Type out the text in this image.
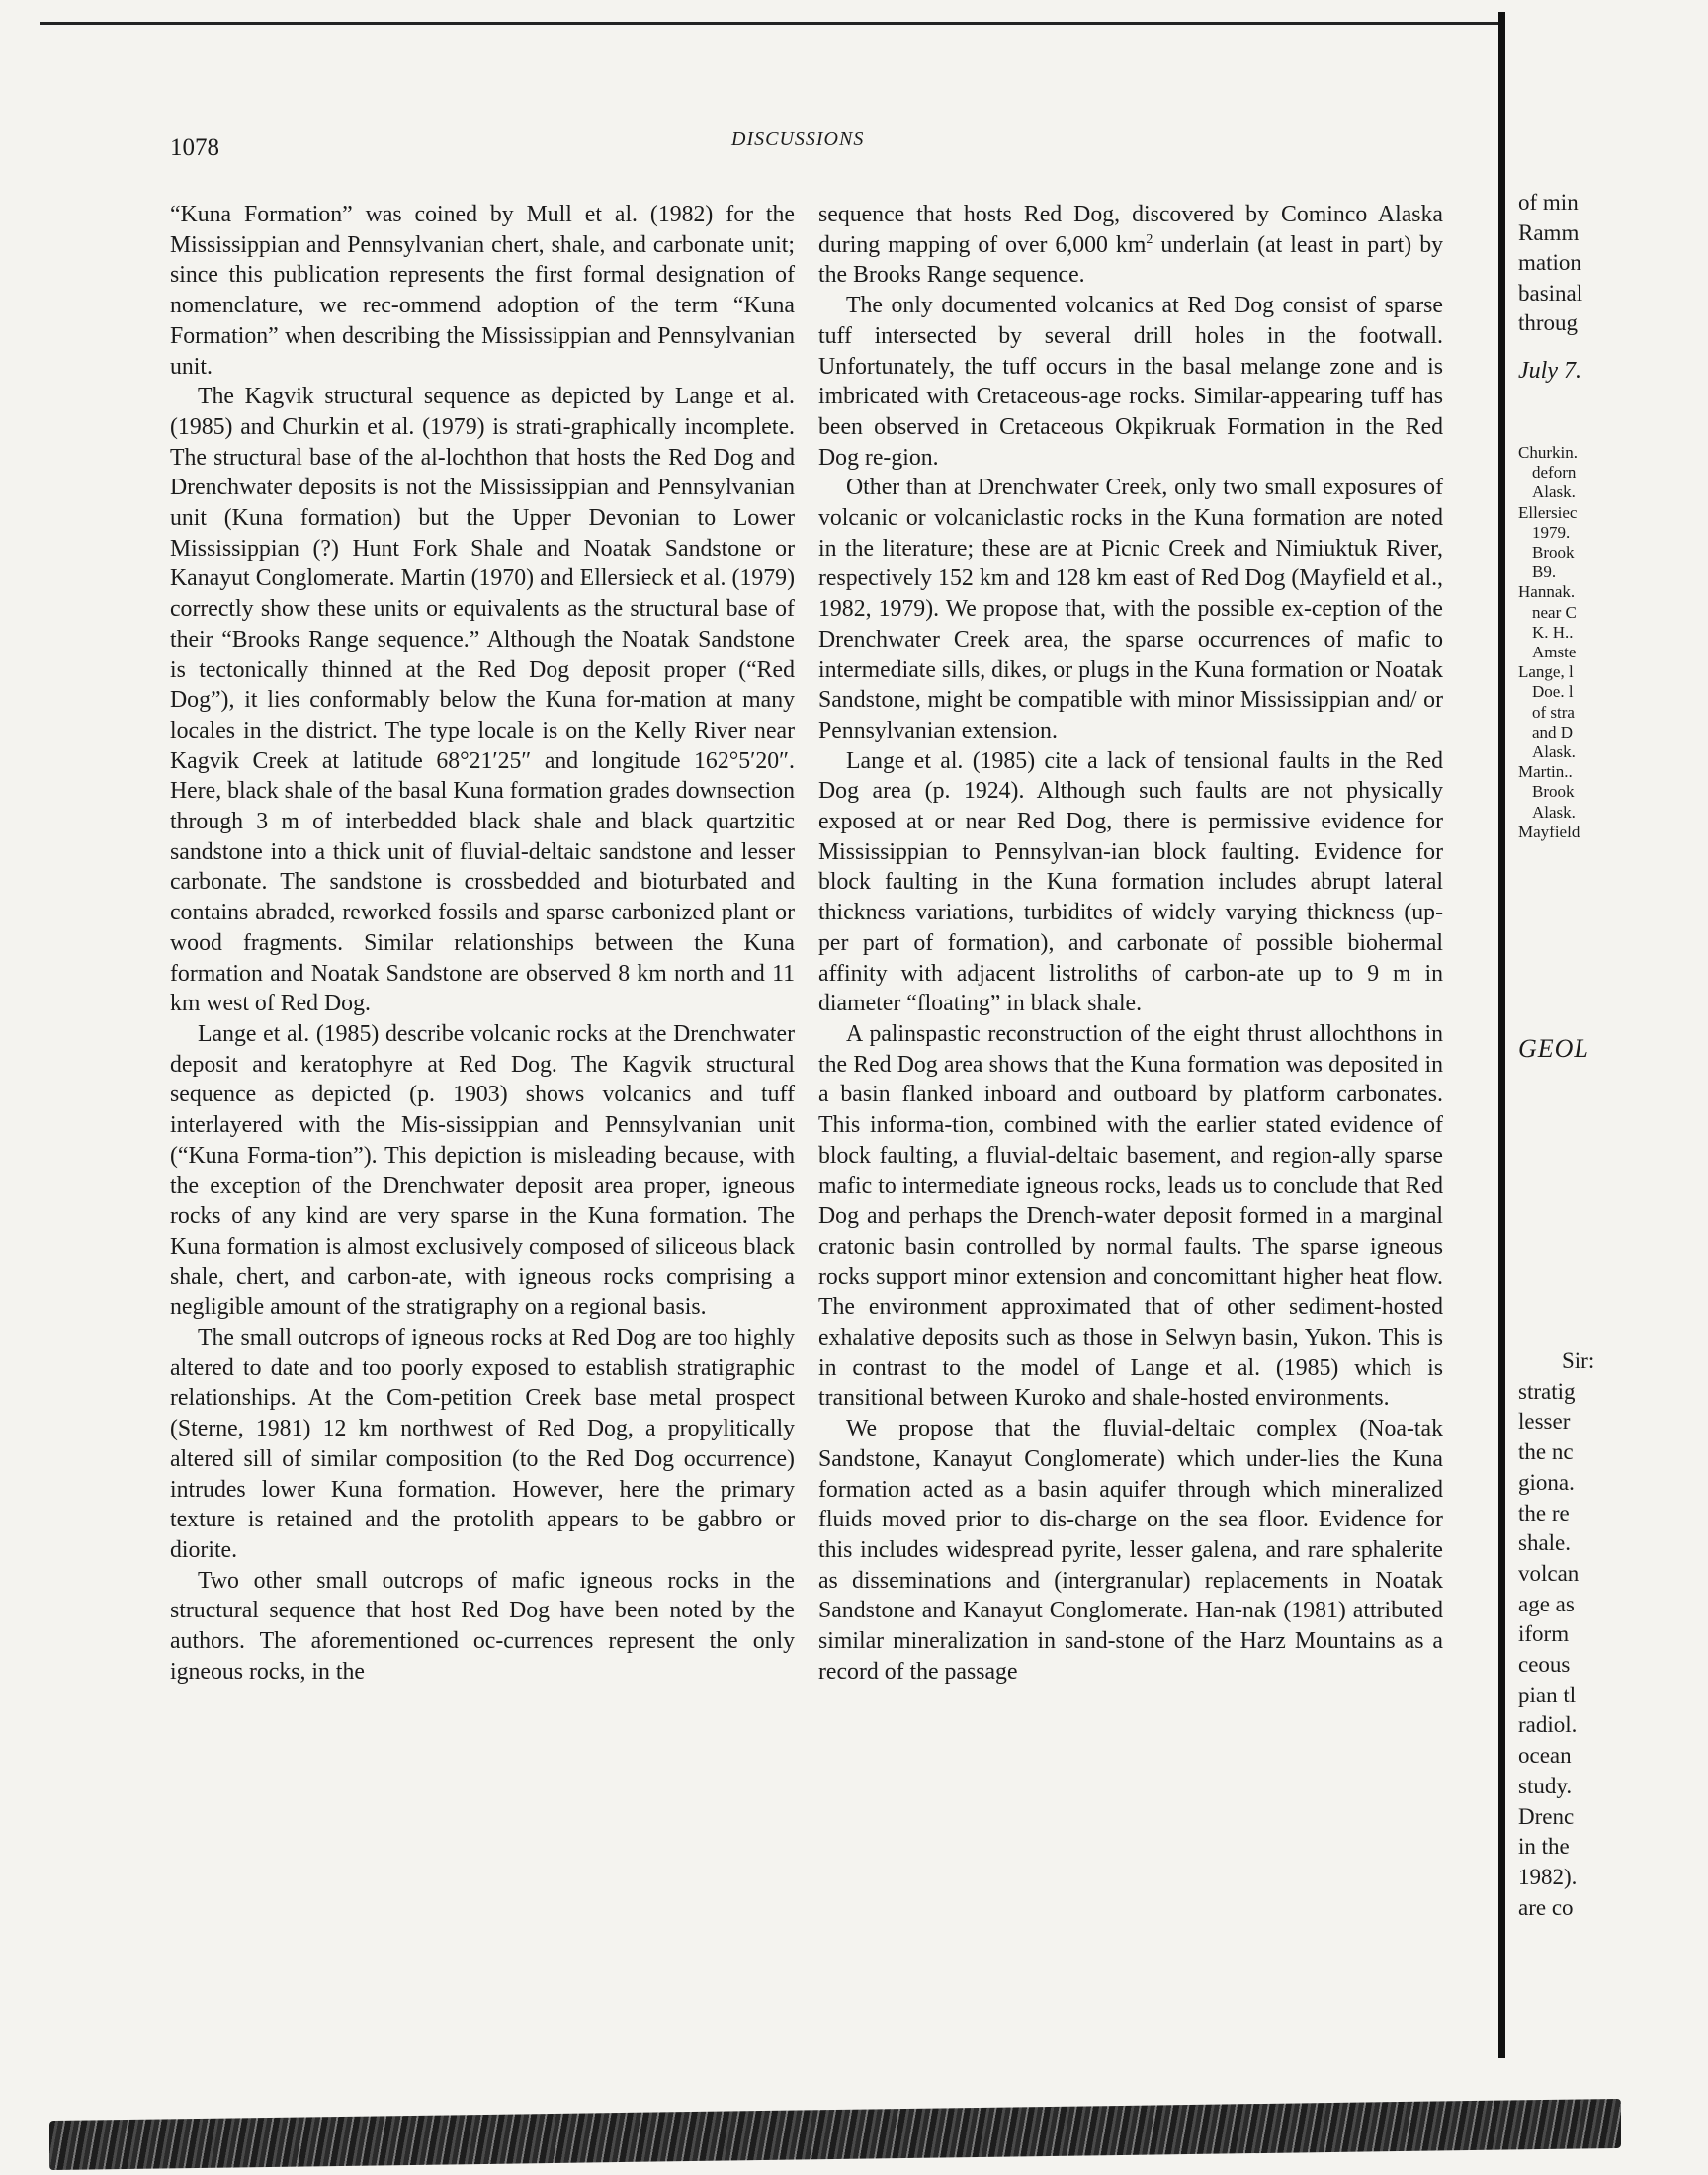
1078	DISCUSSIONS

“Kuna Formation” was coined by Mull et al. (1982) for the Mississippian and Pennsylvanian chert, shale, and carbonate unit; since this publication represents the first formal designation of nomenclature, we rec-ommend adoption of the term “Kuna Formation” when describing the Mississippian and Pennsylvanian unit.

The Kagvik structural sequence as depicted by Lange et al. (1985) and Churkin et al. (1979) is strati-graphically incomplete. The structural base of the al-lochthon that hosts the Red Dog and Drenchwater deposits is not the Mississippian and Pennsylvanian unit (Kuna formation) but the Upper Devonian to Lower Mississippian (?) Hunt Fork Shale and Noatak Sandstone or Kanayut Conglomerate. Martin (1970) and Ellersieck et al. (1979) correctly show these units or equivalents as the structural base of their “Brooks Range sequence.” Although the Noatak Sandstone is tectonically thinned at the Red Dog deposit proper (“Red Dog”), it lies conformably below the Kuna for-mation at many locales in the district. The type locale is on the Kelly River near Kagvik Creek at latitude 68°21′25″ and longitude 162°5′20″. Here, black shale of the basal Kuna formation grades downsection through 3 m of interbedded black shale and black quartzitic sandstone into a thick unit of fluvial-deltaic sandstone and lesser carbonate. The sandstone is crossbedded and bioturbated and contains abraded, reworked fossils and sparse carbonized plant or wood fragments. Similar relationships between the Kuna formation and Noatak Sandstone are observed 8 km north and 11 km west of Red Dog.

Lange et al. (1985) describe volcanic rocks at the Drenchwater deposit and keratophyre at Red Dog. The Kagvik structural sequence as depicted (p. 1903) shows volcanics and tuff interlayered with the Mis-sissippian and Pennsylvanian unit (“Kuna Forma-tion”). This depiction is misleading because, with the exception of the Drenchwater deposit area proper, igneous rocks of any kind are very sparse in the Kuna formation. The Kuna formation is almost exclusively composed of siliceous black shale, chert, and carbon-ate, with igneous rocks comprising a negligible amount of the stratigraphy on a regional basis.

The small outcrops of igneous rocks at Red Dog are too highly altered to date and too poorly exposed to establish stratigraphic relationships. At the Com-petition Creek base metal prospect (Sterne, 1981) 12 km northwest of Red Dog, a propylitically altered sill of similar composition (to the Red Dog occurrence) intrudes lower Kuna formation. However, here the primary texture is retained and the protolith appears to be gabbro or diorite.

Two other small outcrops of mafic igneous rocks in the structural sequence that host Red Dog have been noted by the authors. The aforementioned oc-currences represent the only igneous rocks, in the

sequence that hosts Red Dog, discovered by Cominco Alaska during mapping of over 6,000 $km^2$ underlain (at least in part) by the Brooks Range sequence.

The only documented volcanics at Red Dog consist of sparse tuff intersected by several drill holes in the footwall. Unfortunately, the tuff occurs in the basal melange zone and is imbricated with Cretaceous-age rocks. Similar-appearing tuff has been observed in Cretaceous Okpikruak Formation in the Red Dog re-gion.

Other than at Drenchwater Creek, only two small exposures of volcanic or volcaniclastic rocks in the Kuna formation are noted in the literature; these are at Picnic Creek and Nimiuktuk River, respectively 152 km and 128 km east of Red Dog (Mayfield et al., 1982, 1979). We propose that, with the possible ex-ception of the Drenchwater Creek area, the sparse occurrences of mafic to intermediate sills, dikes, or plugs in the Kuna formation or Noatak Sandstone, might be compatible with minor Mississippian and/ or Pennsylvanian extension.

Lange et al. (1985) cite a lack of tensional faults in the Red Dog area (p. 1924). Although such faults are not physically exposed at or near Red Dog, there is permissive evidence for Mississippian to Pennsylvan-ian block faulting. Evidence for block faulting in the Kuna formation includes abrupt lateral thickness variations, turbidites of widely varying thickness (up-per part of formation), and carbonate of possible biohermal affinity with adjacent listroliths of carbon-ate up to 9 m in diameter “floating” in black shale.

A palinspastic reconstruction of the eight thrust allochthons in the Red Dog area shows that the Kuna formation was deposited in a basin flanked inboard and outboard by platform carbonates. This informa-tion, combined with the earlier stated evidence of block faulting, a fluvial-deltaic basement, and region-ally sparse mafic to intermediate igneous rocks, leads us to conclude that Red Dog and perhaps the Drench-water deposit formed in a marginal cratonic basin controlled by normal faults. The sparse igneous rocks support minor extension and concomittant higher heat flow. The environment approximated that of other sediment-hosted exhalative deposits such as those in Selwyn basin, Yukon. This is in contrast to the model of Lange et al. (1985) which is transitional between Kuroko and shale-hosted environments.

We propose that the fluvial-deltaic complex (Noa-tak Sandstone, Kanayut Conglomerate) which under-lies the Kuna formation acted as a basin aquifer through which mineralized fluids moved prior to dis-charge on the sea floor. Evidence for this includes widespread pyrite, lesser galena, and rare sphalerite as disseminations and (intergranular) replacements in Noatak Sandstone and Kanayut Conglomerate. Han-nak (1981) attributed similar mineralization in sand-stone of the Harz Mountains as a record of the passage

of min
Ramm
mation
basinal
throug
July 7.
Churkin.
deforn
Alask.
Ellersiec
1979.
Brook
B9.
Hannak.
near C
K. H..
Amste
Lange, l
Doe. l
of stra
and D
Alask.
Martin..
Brook
Alask.
Mayfield
GEOL
Sir:
stratig
lesser
the nc
giona.
the re
shale.
volcan
age as
iform
ceous
pian tl
radiol.
ocean
study.
Drenc
in the
1982).
are co
